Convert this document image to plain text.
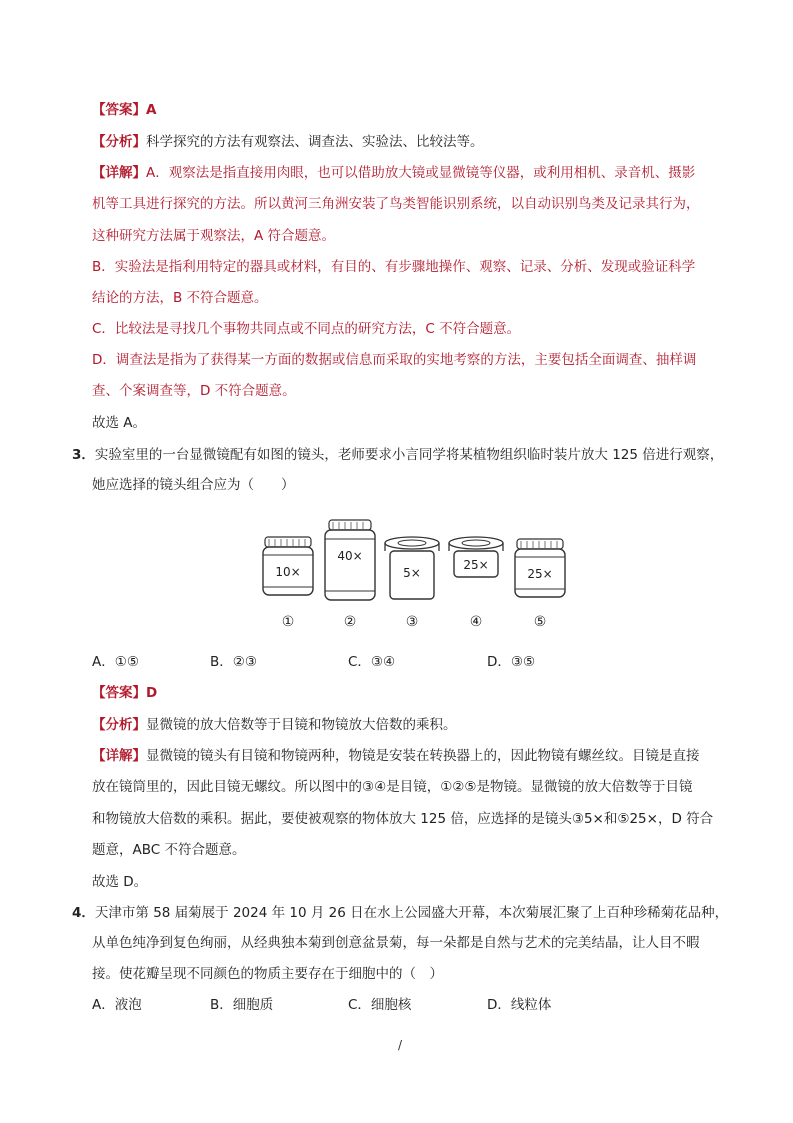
【答案】A
【分析】科学探究的方法有观察法、调查法、实验法、比较法等。
【详解】A．观察法是指直接用肉眼，也可以借助放大镜或显微镜等仪器，或利用相机、录音机、摄影
机等工具进行探究的方法。所以黄河三角洲安装了鸟类智能识别系统，以自动识别鸟类及记录其行为，
这种研究方法属于观察法，A 符合题意。
B．实验法是指利用特定的器具或材料，有目的、有步骤地操作、观察、记录、分析、发现或验证科学
结论的方法，B 不符合题意。
C．比较法是寻找几个事物共同点或不同点的研究方法，C 不符合题意。
D．调查法是指为了获得某一方面的数据或信息而采取的实地考察的方法，主要包括全面调查、抽样调
查、个案调查等，D 不符合题意。
故选 A。
3．实验室里的一台显微镜配有如图的镜头，老师要求小言同学将某植物组织临时装片放大 125 倍进行观察，
她应选择的镜头组合应为（　　）
10×
①
40×
②
5×
③
25×
④
25×
⑤
A．①⑤	B．②③	C．③④	D．③⑤
【答案】D
【分析】显微镜的放大倍数等于目镜和物镜放大倍数的乘积。
【详解】显微镜的镜头有目镜和物镜两种，物镜是安装在转换器上的，因此物镜有螺丝纹。目镜是直接
放在镜筒里的，因此目镜无螺纹。所以图中的③④是目镜，①②⑤是物镜。显微镜的放大倍数等于目镜
和物镜放大倍数的乘积。据此，要使被观察的物体放大 125 倍，应选择的是镜头③5×和⑤25×，D 符合
题意，ABC 不符合题意。
故选 D。
4．天津市第 58 届菊展于 2024 年 10 月 26 日在水上公园盛大开幕，本次菊展汇聚了上百种珍稀菊花品种，
从单色纯净到复色绚丽，从经典独本菊到创意盆景菊，每一朵都是自然与艺术的完美结晶，让人目不暇
接。使花瓣呈现不同颜色的物质主要存在于细胞中的（　）
A．液泡	B．细胞质	C．细胞核	D．线粒体
/
